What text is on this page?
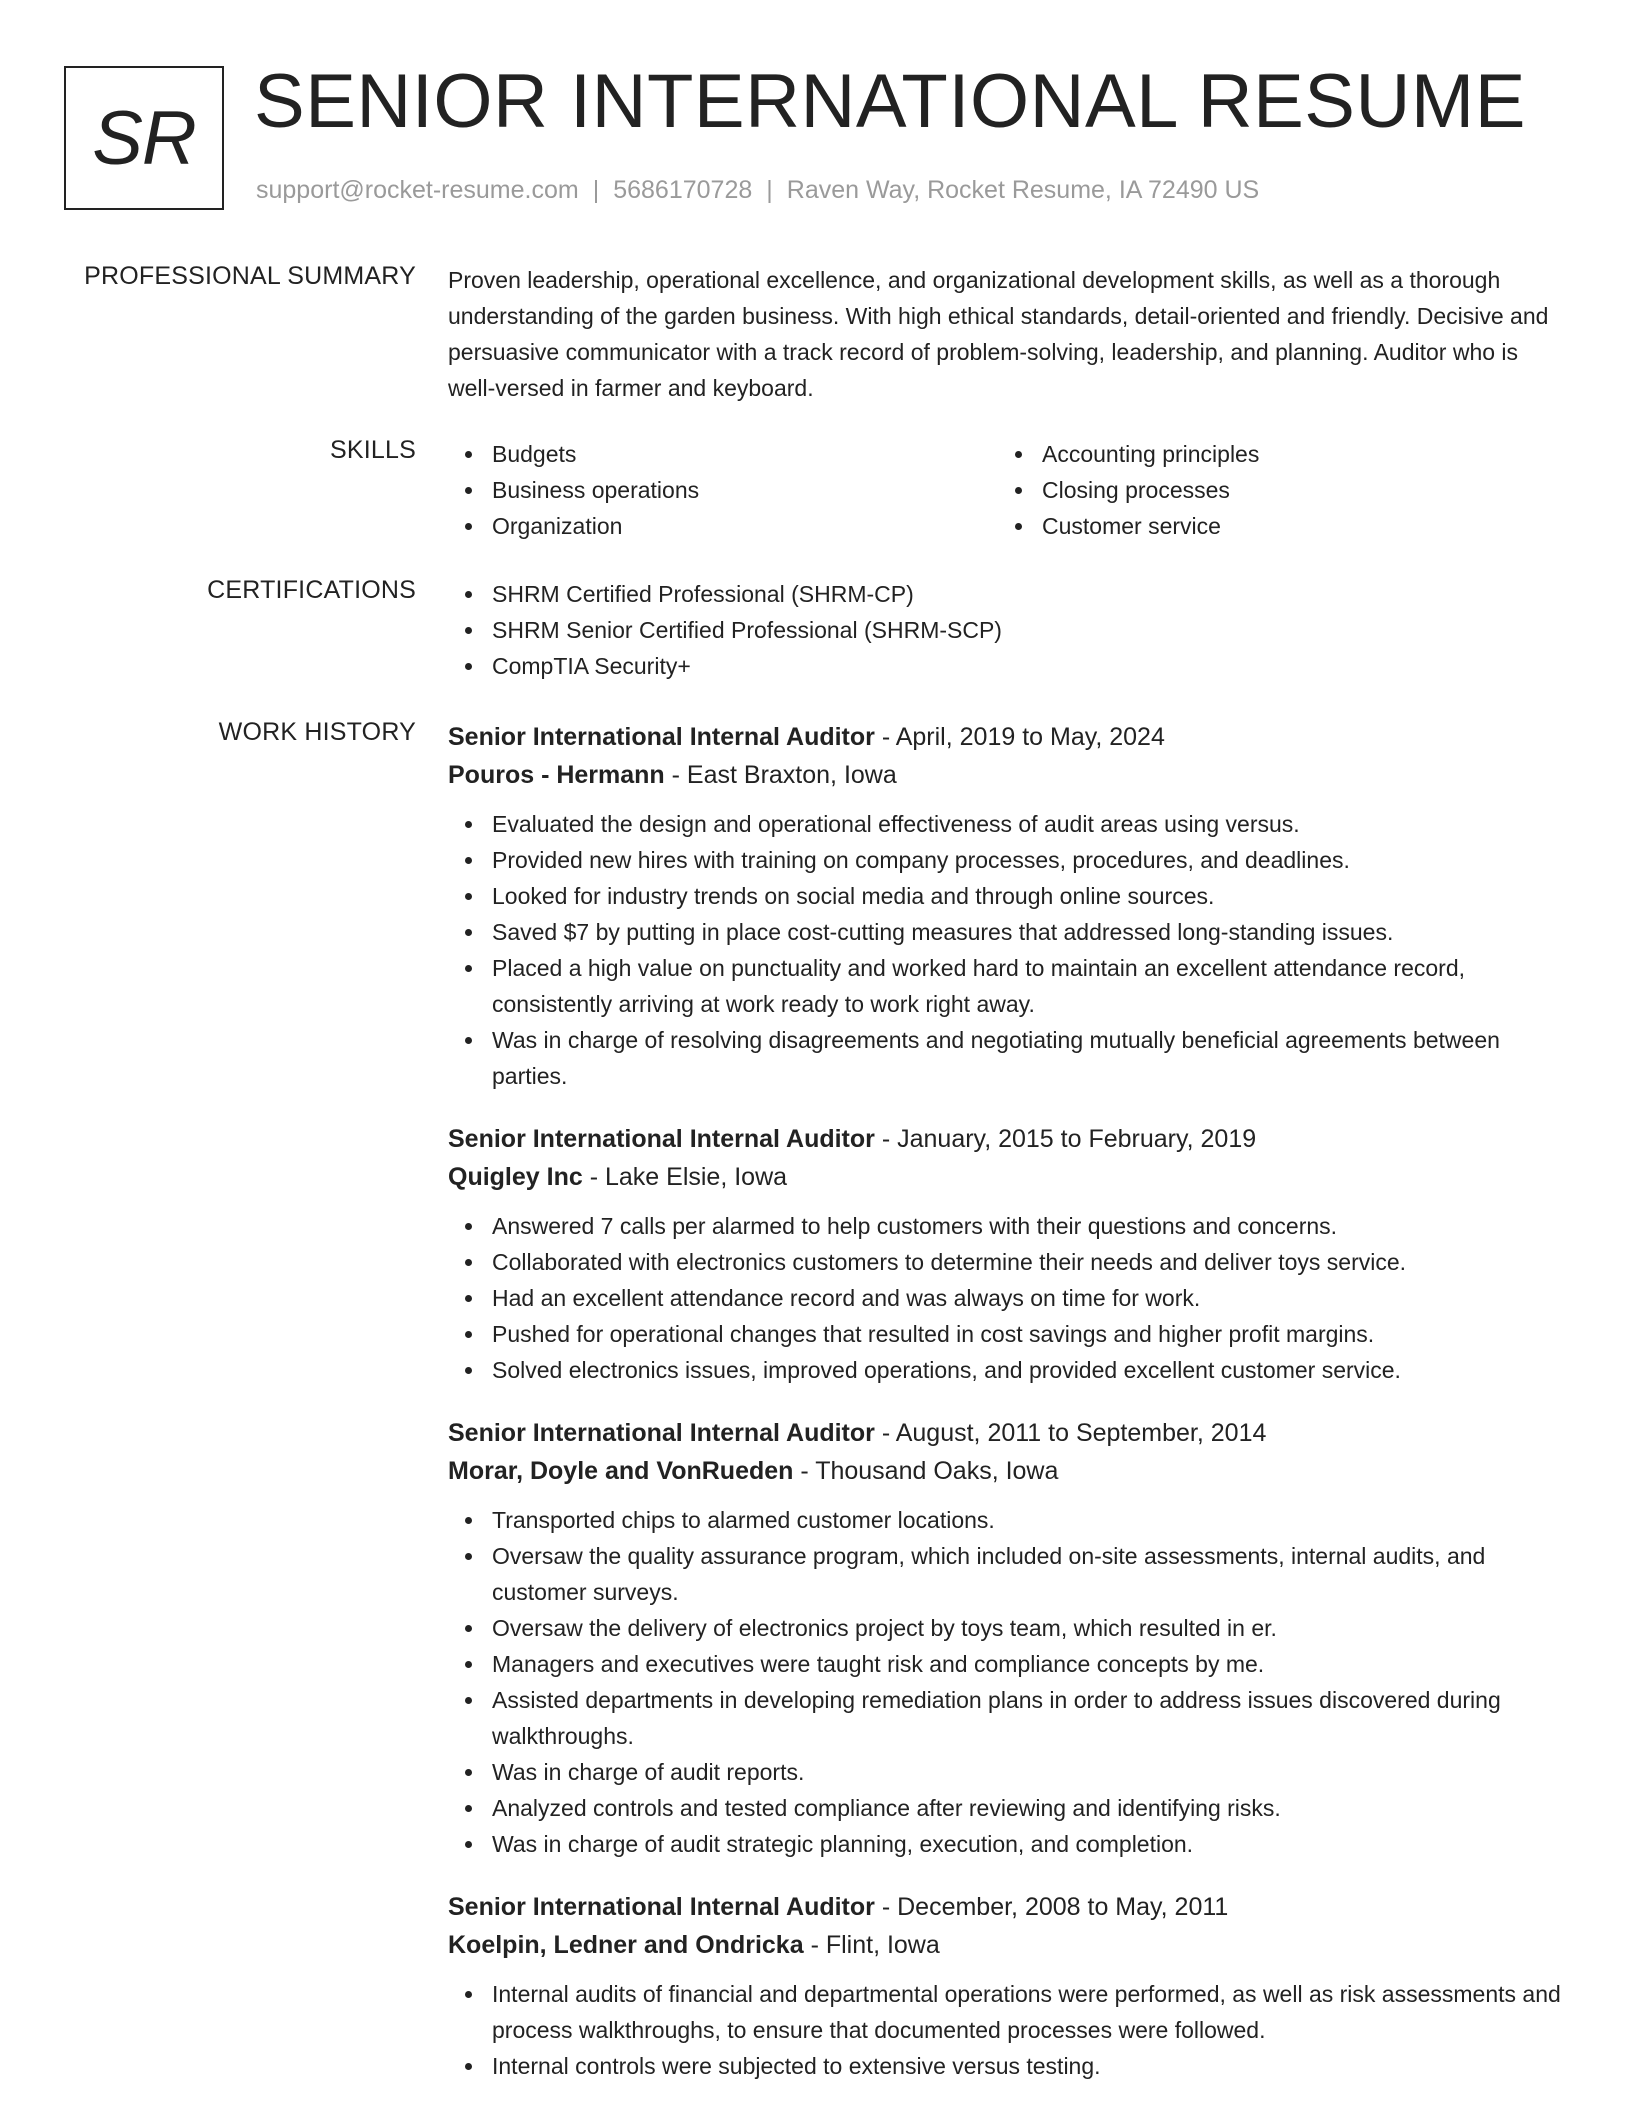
SR SENIOR INTERNATIONAL RESUME
support@rocket-resume.com | 5686170728 | Raven Way, Rocket Resume, IA 72490 US
PROFESSIONAL SUMMARY Proven leadership, operational excellence, and organizational development skills, as well as a thorough understanding of the garden business. With high ethical standards, detail-oriented and friendly. Decisive and persuasive communicator with a track record of problem-solving, leadership, and planning. Auditor who is well-versed in farmer and keyboard.

SKILLS	Budgets
Business operations
Organization
Accounting principles
Closing processes
Customer service
CERTIFICATIONS	SHRM Certified Professional (SHRM-CP)
SHRM Senior Certified Professional (SHRM-SCP)
CompTIA Security+
WORK HISTORY Senior International Internal Auditor - April, 2019 to May, 2024
Pouros - Hermann - East Braxton, Iowa
Evaluated the design and operational effectiveness of audit areas using versus.
Provided new hires with training on company processes, procedures, and deadlines.
Looked for industry trends on social media and through online sources.
Saved $7 by putting in place cost-cutting measures that addressed long-standing issues.
Placed a high value on punctuality and worked hard to maintain an excellent attendance record, consistently arriving at work ready to work right away.
Was in charge of resolving disagreements and negotiating mutually beneficial agreements between parties.
Senior International Internal Auditor - January, 2015 to February, 2019
Quigley Inc - Lake Elsie, Iowa
Answered 7 calls per alarmed to help customers with their questions and concerns.
Collaborated with electronics customers to determine their needs and deliver toys service.
Had an excellent attendance record and was always on time for work.
Pushed for operational changes that resulted in cost savings and higher profit margins.
Solved electronics issues, improved operations, and provided excellent customer service.
Senior International Internal Auditor - August, 2011 to September, 2014
Morar, Doyle and VonRueden - Thousand Oaks, Iowa
Transported chips to alarmed customer locations.
Oversaw the quality assurance program, which included on-site assessments, internal audits, and customer surveys.
Oversaw the delivery of electronics project by toys team, which resulted in er.
Managers and executives were taught risk and compliance concepts by me.
Assisted departments in developing remediation plans in order to address issues discovered during walkthroughs.
Was in charge of audit reports.
Analyzed controls and tested compliance after reviewing and identifying risks.
Was in charge of audit strategic planning, execution, and completion.
Senior International Internal Auditor - December, 2008 to May, 2011
Koelpin, Ledner and Ondricka - Flint, Iowa
Internal audits of financial and departmental operations were performed, as well as risk assessments and process walkthroughs, to ensure that documented processes were followed.
Internal controls were subjected to extensive versus testing.
